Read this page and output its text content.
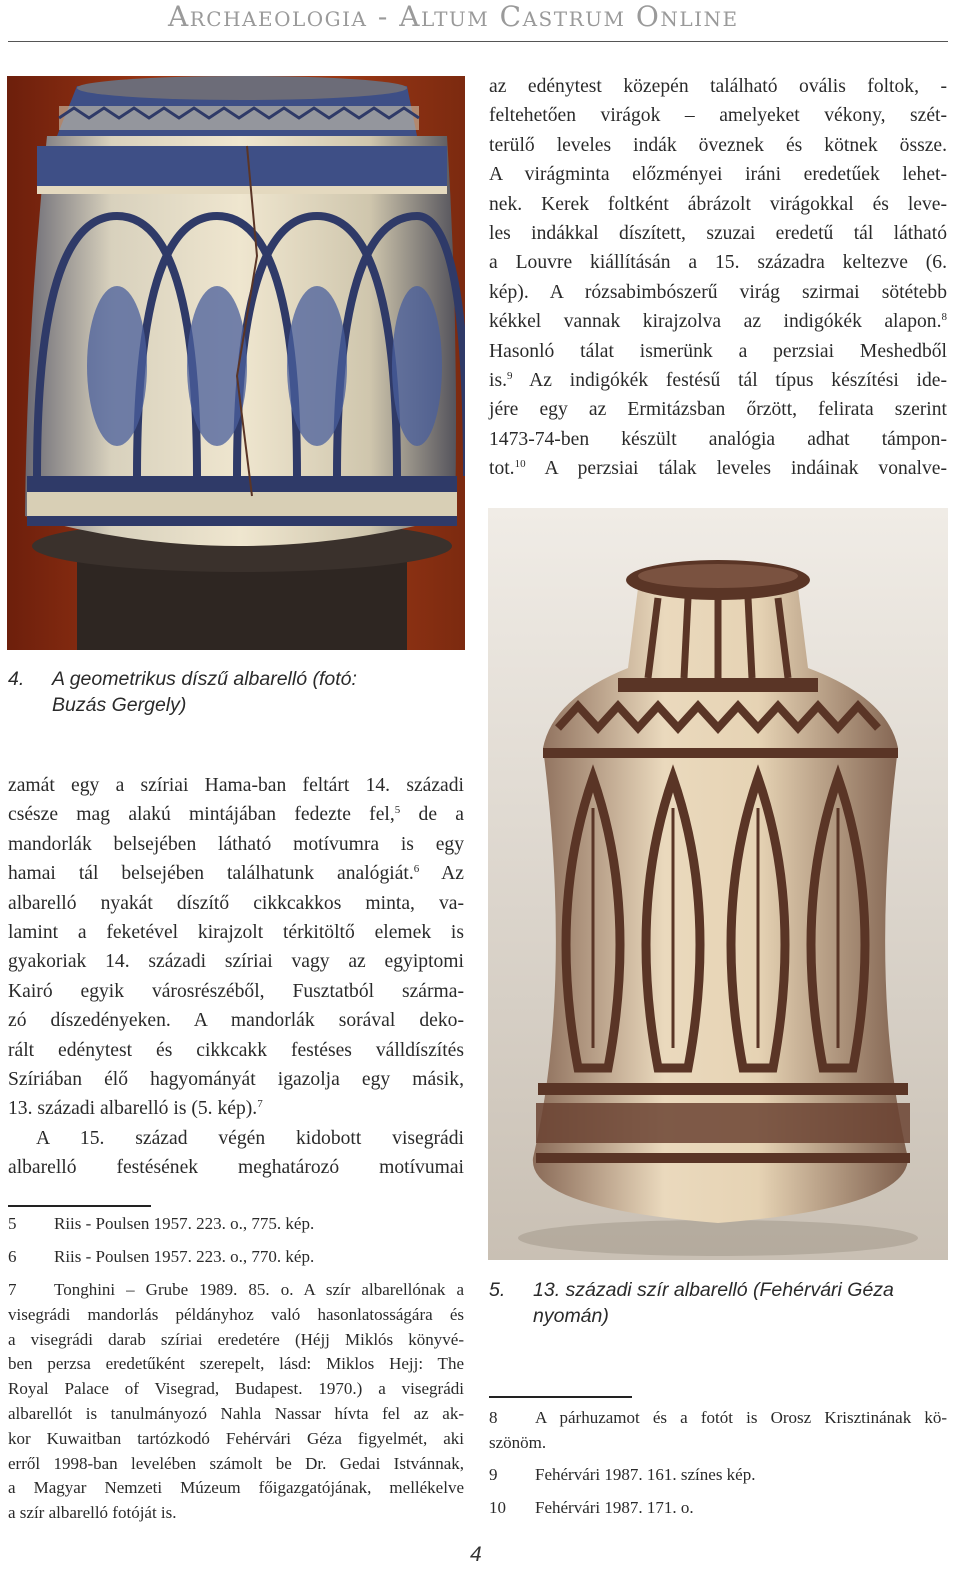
Archaeologia - Altum Castrum Online
4. A geometrikus díszű albarelló (fotó:
Buzás Gergely)
5. 13. századi szír albarelló (Fehérvári Géza
nyomán)
az edénytest közepén található ovális foltok, -
feltehetően virágok – amelyeket vékony, szét-
terülő leveles indák öveznek és kötnek össze.
A virágminta előzményei iráni eredetűek lehet-
nek. Kerek foltként ábrázolt virágokkal és leve-
les indákkal díszített, szuzai eredetű tál látható
a Louvre kiállításán a 15. századra keltezve (6.
kép). A rózsabimbószerű virág szirmai sötétebb
kékkel vannak kirajzolva az indigókék alapon.$^8$
Hasonló tálat ismerünk a perzsiai Meshedből
is.$^9$ Az indigókék festésű tál típus készítési ide-
jére egy az Ermitázsban őrzött, felirata szerint
1473-74-ben készült analógia adhat támpon-
tot.$^{10}$ A perzsiai tálak leveles indáinak vonalve-
zamát egy a szíriai Hama-ban feltárt 14. századi
csésze mag alakú mintájában fedezte fel,$^5$ de a
mandorlák belsejében látható motívumra is egy
hamai tál belsejében találhatunk analógiát.$^6$ Az
albarelló nyakát díszítő cikkcakkos minta, va-
lamint a feketével kirajzolt térkitöltő elemek is
gyakoriak 14. századi szíriai vagy az egyiptomi
Kairó egyik városrészéből, Fusztatból szárma-
zó díszedényeken. A mandorlák sorával deko-
rált edénytest és cikkcakk festéses válldíszítés
Szíriában élő hagyományát igazolja egy másik,
13. századi albarelló is (5. kép).$^7$
A 15. század végén kidobott visegrádi
albarelló festésének meghatározó motívumai
5 Riis - Poulsen 1957. 223. o., 775. kép.
6 Riis - Poulsen 1957. 223. o., 770. kép.
7 Tonghini – Grube 1989. 85. o. A szír albarellónak a
visegrádi mandorlás példányhoz való hasonlatosságára és
a visegrádi darab szíriai eredetére (Héjj Miklós könyvé-
ben perzsa eredetűként szerepelt, lásd: Miklos Hejj: The
Royal Palace of Visegrad, Budapest. 1970.) a visegrádi
albarellót is tanulmányozó Nahla Nassar hívta fel az ak-
kor Kuwaitban tartózkodó Fehérvári Géza figyelmét, aki
erről 1998-ban levelében számolt be Dr. Gedai Istvánnak,
a Magyar Nemzeti Múzeum főigazgatójának, mellékelve
a szír albarelló fotóját is.
8 A párhuzamot és a fotót is Orosz Krisztinának kö-
szönöm.
9 Fehérvári 1987. 161. színes kép.
10 Fehérvári 1987. 171. o.
4
